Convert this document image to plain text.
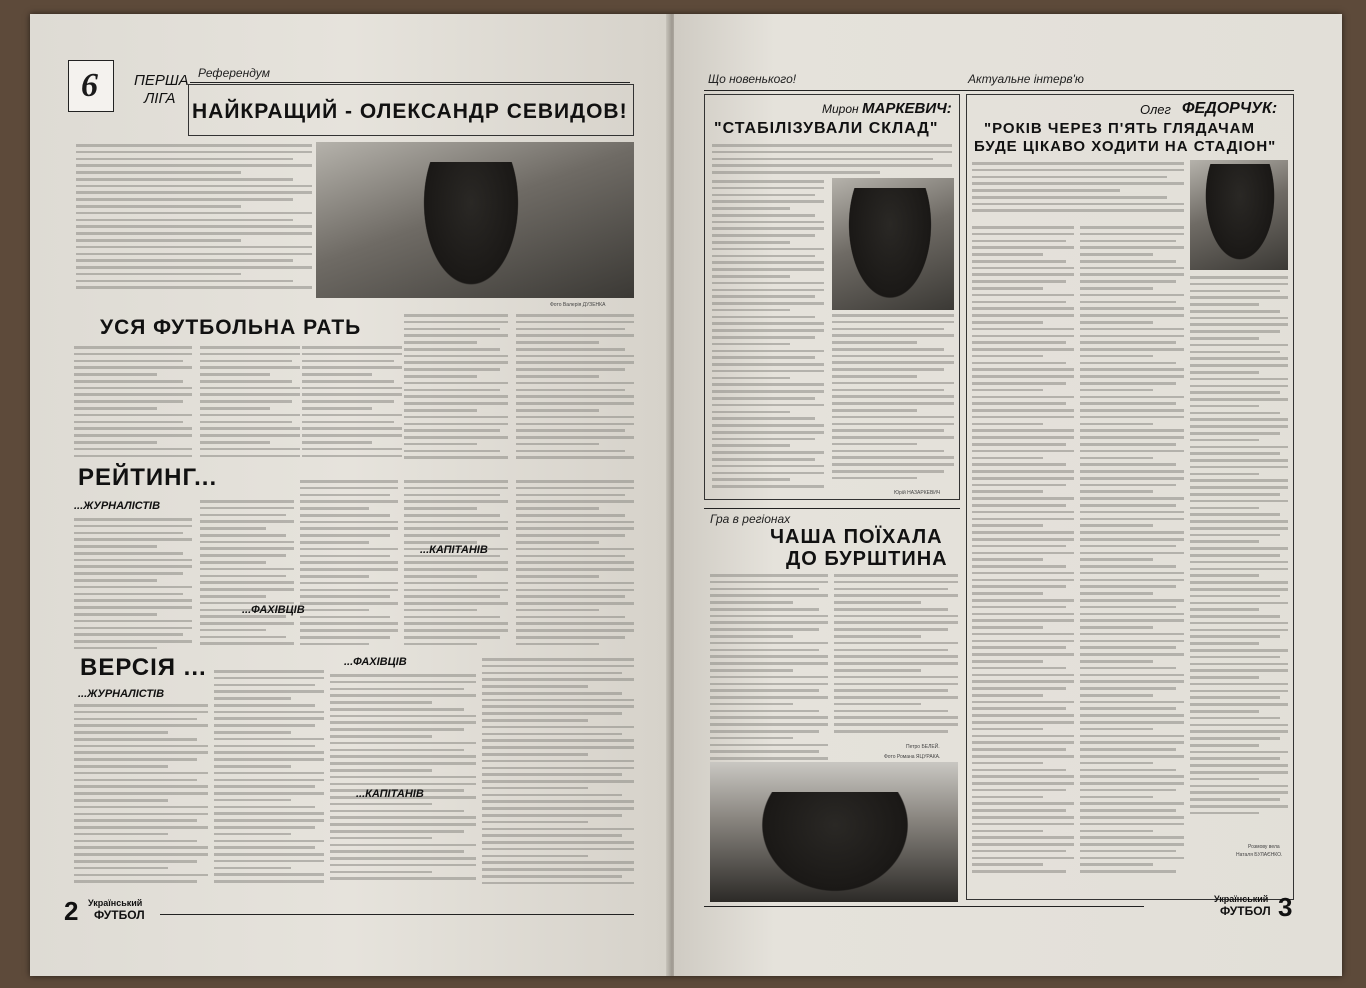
6 ПЕРША
ЛІГА
Референдум
НАЙКРАЩИЙ - ОЛЕКСАНДР СЕВИДОВ!
Фото Валерія ДУЗЕНКА
УСЯ ФУТБОЛЬНА РАТЬ
РЕЙТИНГ...
...ЖУРНАЛІСТІВ
...ФАХІВЦІВ
...КАПІТАНІВ
ВЕРСІЯ ...
...ЖУРНАЛІСТІВ
...ФАХІВЦІВ
...КАПІТАНІВ
2 Український
ФУТБОЛ
Що новенького!	Актуальне інтерв'ю
Мирон МАРКЕВИЧ:
"СТАБІЛІЗУВАЛИ СКЛАД"
Юрій НАЗАРКЕВИЧ
Олег ФЕДОРЧУК:
"РОКІВ ЧЕРЕЗ П'ЯТЬ ГЛЯДАЧАМ
БУДЕ ЦІКАВО ХОДИТИ НА СТАДІОН"
Розмову вела
Наталя БУЛАЄНКО.
Гра в регіонах
ЧАША ПОЇХАЛА
ДО БУРШТИНА
Петро БЕЛЕЙ.
Фото Романа ЯЦУРАКА.
Український
ФУТБОЛ 3
